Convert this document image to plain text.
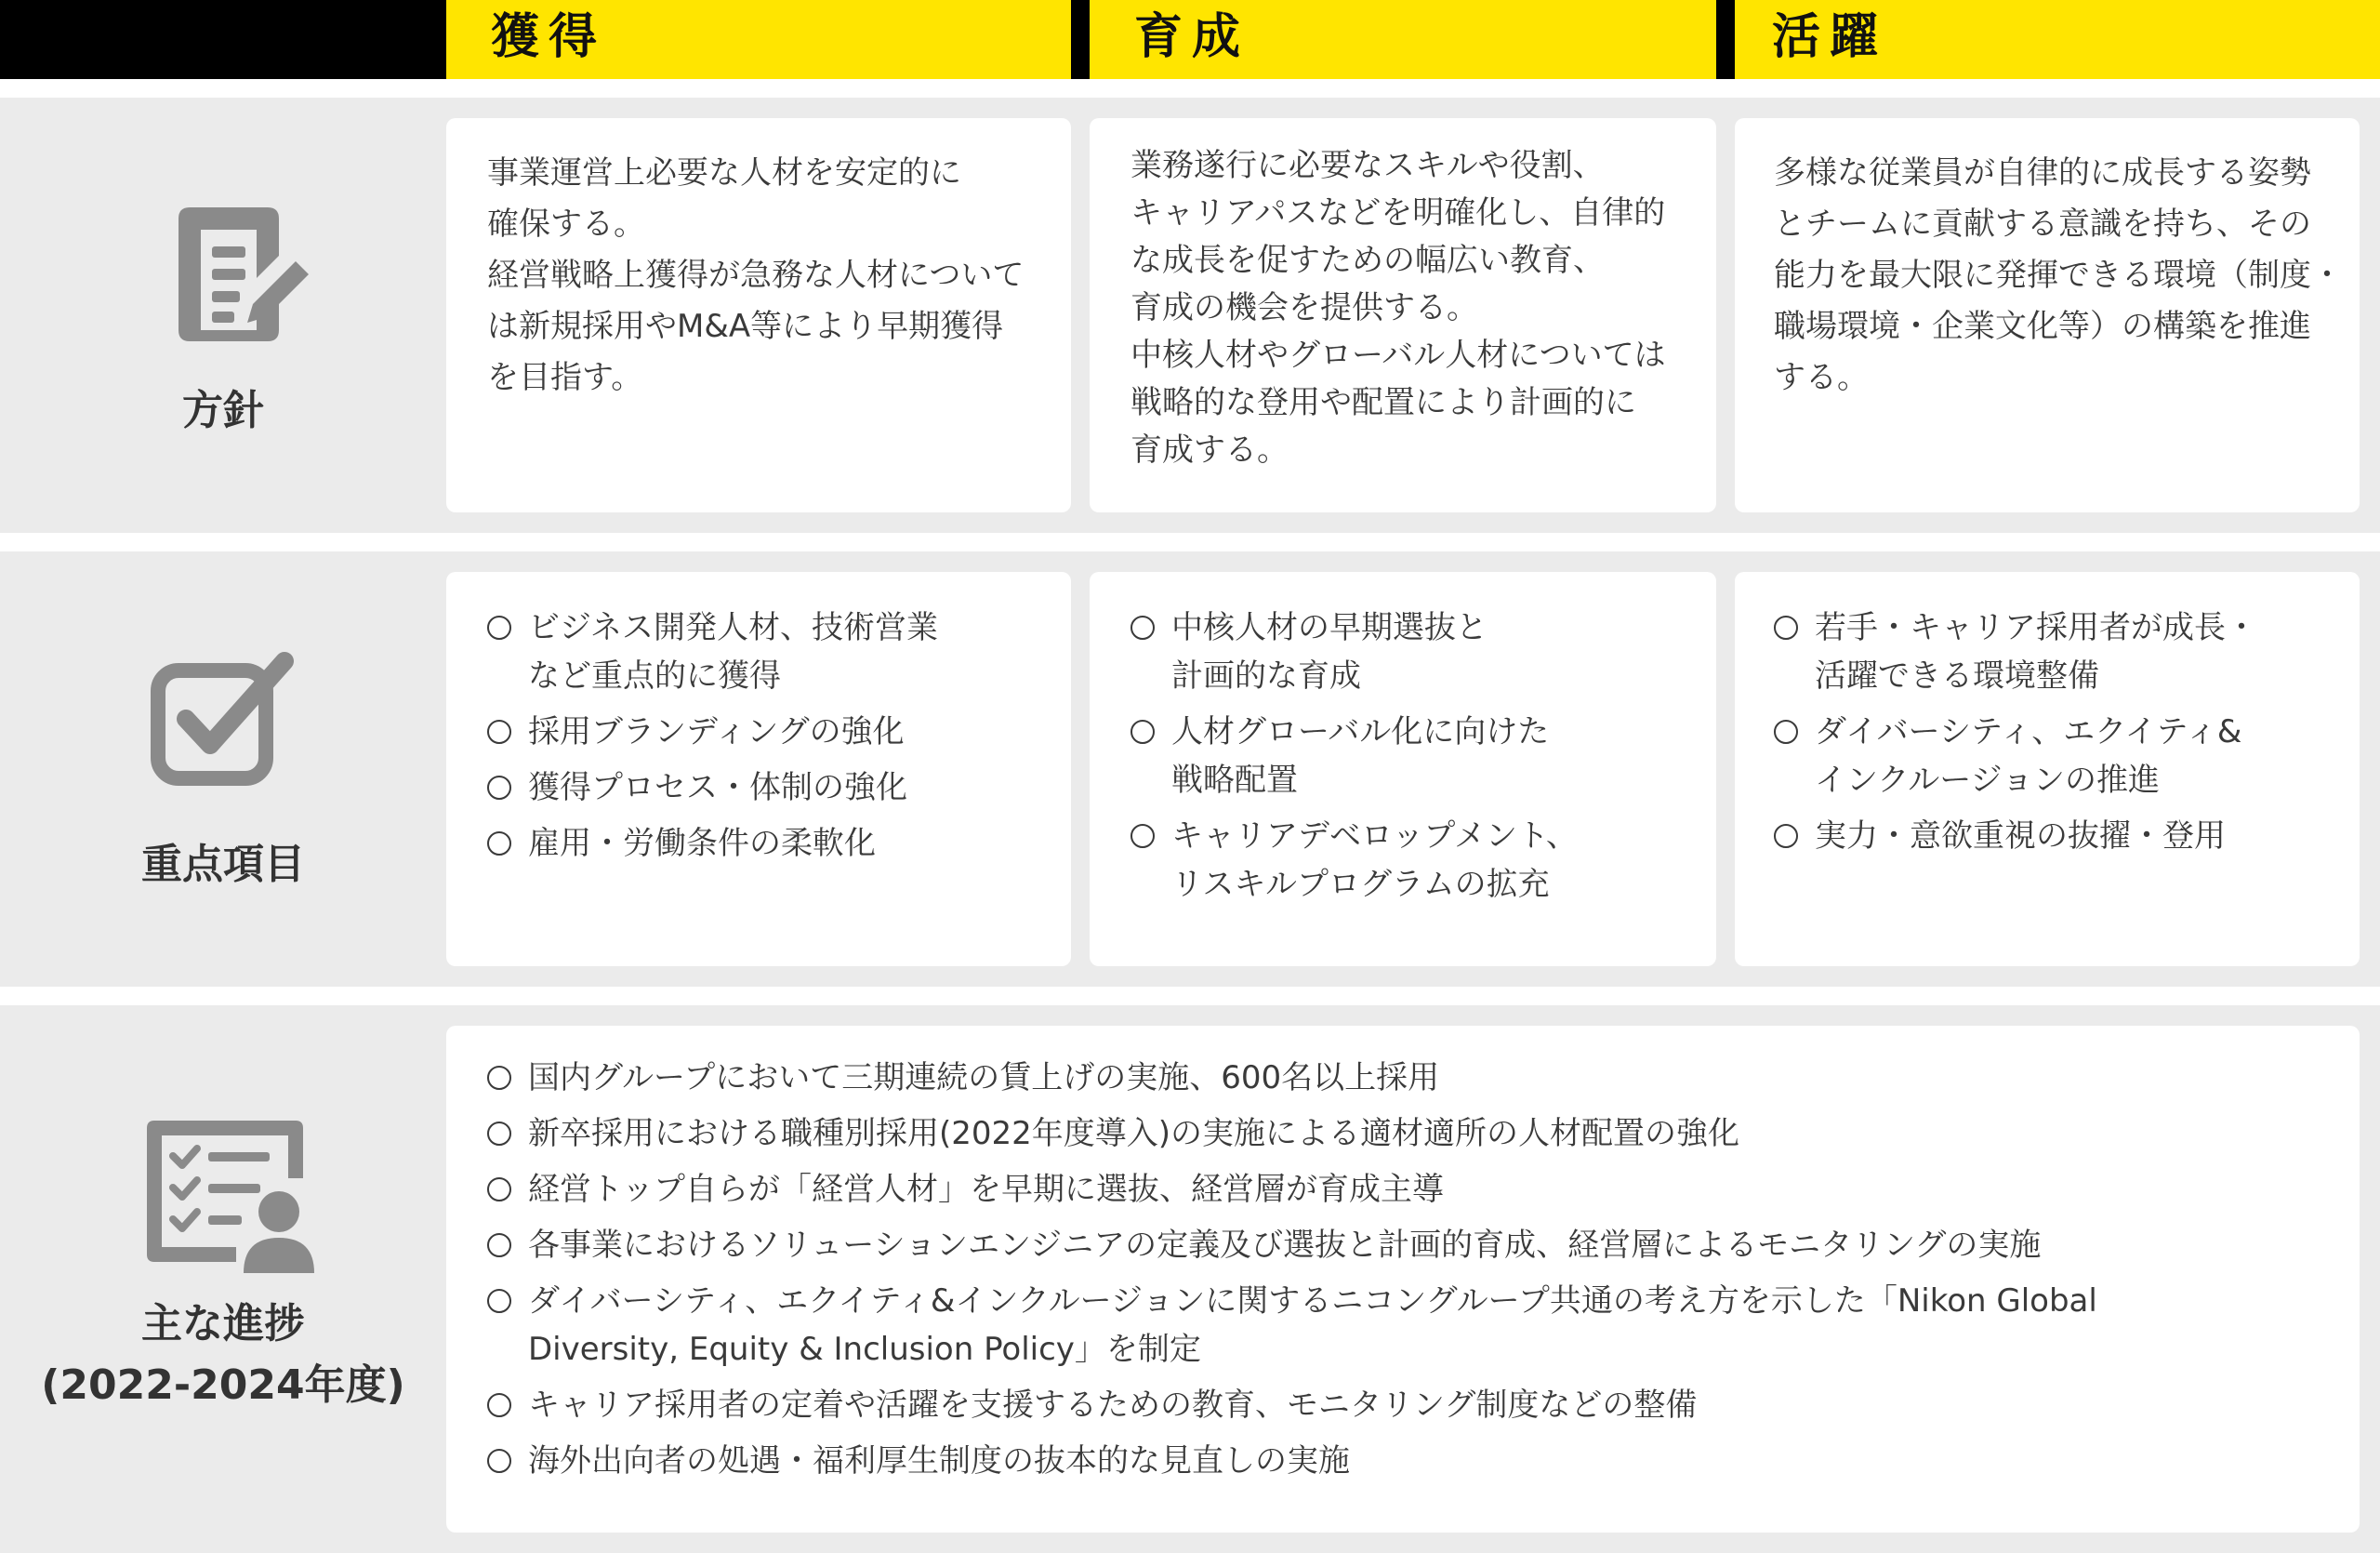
獲得	育成	活躍
方針

事業運営上必要な人材を安定的に
確保する。
経営戦略上獲得が急務な人材について
は新規採用やM&A等により早期獲得
を目指す。

業務遂行に必要なスキルや役割、
キャリアパスなどを明確化し、自律的
な成長を促すための幅広い教育、
育成の機会を提供する。
中核人材やグローバル人材については
戦略的な登用や配置により計画的に
育成する。

多様な従業員が自律的に成長する姿勢
とチームに貢献する意識を持ち、その
能力を最大限に発揮できる環境（制度・
職場環境・企業文化等）の構築を推進
する。

重点項目
ビジネス開発人材、技術営業
など重点的に獲得
採用ブランディングの強化
獲得プロセス・体制の強化
雇用・労働条件の柔軟化
中核人材の早期選抜と
計画的な育成
人材グローバル化に向けた
戦略配置
キャリアデベロップメント、
リスキルプログラムの拡充
若手・キャリア採用者が成長・
活躍できる環境整備
ダイバーシティ、エクイティ&
インクルージョンの推進
実力・意欲重視の抜擢・登用
主な進捗
(2022-2024年度)
国内グループにおいて三期連続の賃上げの実施、600名以上採用
新卒採用における職種別採用(2022年度導入)の実施による適材適所の人材配置の強化
経営トップ自らが「経営人材」を早期に選抜、経営層が育成主導
各事業におけるソリューションエンジニアの定義及び選抜と計画的育成、経営層によるモニタリングの実施
ダイバーシティ、エクイティ&インクルージョンに関するニコングループ共通の考え方を示した「Nikon Global
Diversity, Equity & Inclusion Policy」を制定
キャリア採用者の定着や活躍を支援するための教育、モニタリング制度などの整備
海外出向者の処遇・福利厚生制度の抜本的な見直しの実施
